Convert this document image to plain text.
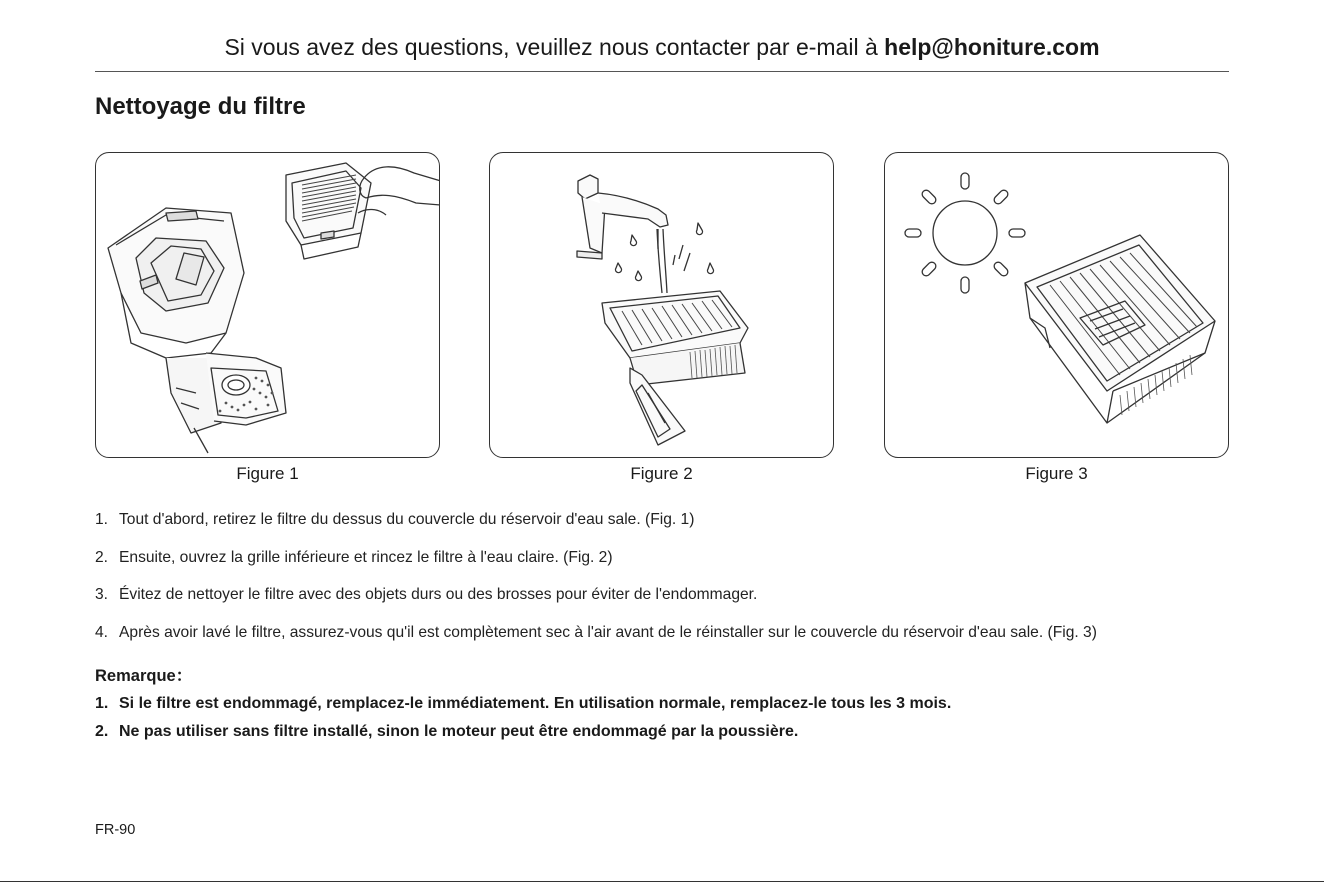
Si vous avez des questions, veuillez nous contacter par e-mail à help@honiture.com
Nettoyage du filtre
Figure 1	Figure 2	Figure 3
1. Tout d'abord, retirez le filtre du dessus du couvercle du réservoir d'eau sale. (Fig. 1)
2. Ensuite, ouvrez la grille inférieure et rincez le filtre à l'eau claire. (Fig. 2)
3. Évitez de nettoyer le filtre avec des objets durs ou des brosses pour éviter de l'endommager.
4. Après avoir lavé le filtre, assurez-vous qu'il est complètement sec à l'air avant de le réinstaller sur le couvercle du réservoir d'eau sale. (Fig. 3)
Remarque：
1. Si le filtre est endommagé, remplacez-le immédiatement. En utilisation normale, remplacez-le tous les 3 mois.
2. Ne pas utiliser sans filtre installé, sinon le moteur peut être endommagé par la poussière.
FR-90
